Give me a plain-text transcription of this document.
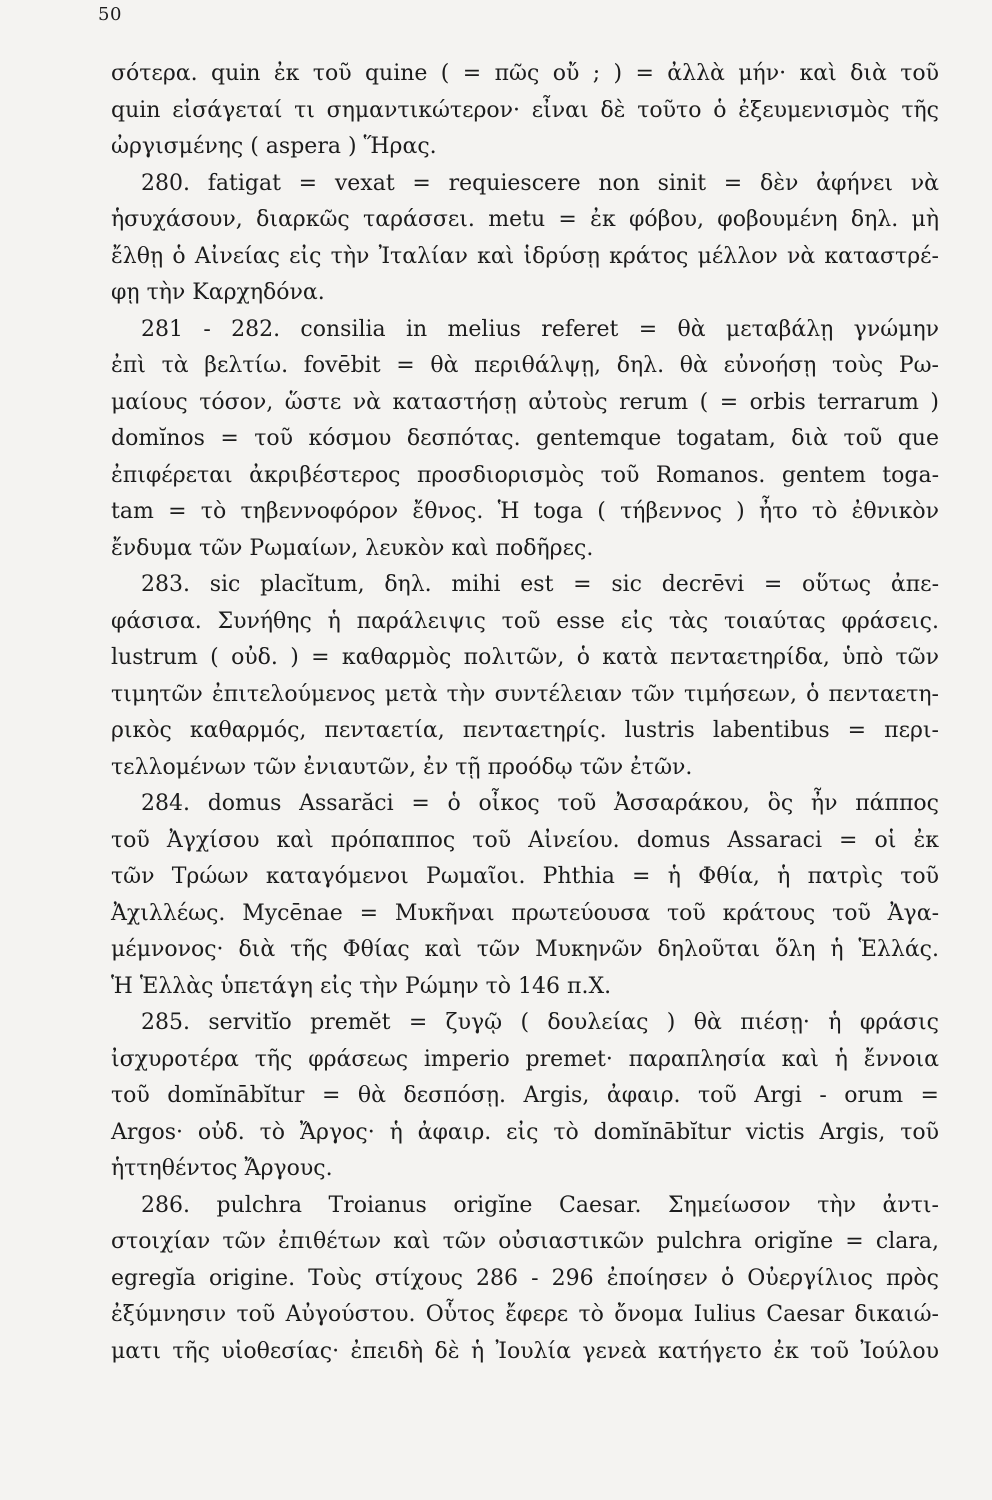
50
σότερα. quin ἐκ τοῦ quine ( = πῶς οὔ ; ) = ἀλλὰ μήν· καὶ διὰ τοῦ
quin εἰσάγεταί τι σημαντικώτερον· εἶναι δὲ τοῦτο ὁ ἐξευμενισμὸς τῆς
ὠργισμένης ( aspera ) Ἥρας.
280. fatigat = vexat = requiescere non sinit = δὲν ἀφήνει νὰ
ἡσυχάσουν, διαρκῶς ταράσσει. metu = ἐκ φόβου, φοβουμένη δηλ. μὴ
ἔλθῃ ὁ Αἰνείας εἰς τὴν Ἰταλίαν καὶ ἱδρύσῃ κράτος μέλλον νὰ καταστρέ-
φῃ τὴν Καρχηδόνα.
281 - 282. consilia in melius referet = θὰ μεταβάλῃ γνώμην
ἐπὶ τὰ βελτίω. fovēbit = θὰ περιθάλψῃ, δηλ. θὰ εὐνοήσῃ τοὺς Ρω-
μαίους τόσον, ὥστε νὰ καταστήσῃ αὐτοὺς rerum ( = orbis terrarum )
domĭnos = τοῦ κόσμου δεσπότας. gentemque togatam, διὰ τοῦ que
ἐπιφέρεται ἀκριβέστερος προσδιορισμὸς τοῦ Romanos. gentem toga-
tam = τὸ τηβεννοφόρον ἔθνος. Ἡ toga ( τήβεννος ) ἦτο τὸ ἐθνικὸν
ἔνδυμα τῶν Ρωμαίων, λευκὸν καὶ ποδῆρες.
283. sic placĭtum, δηλ. mihi est = sic decrēvi = οὕτως ἀπε-
φάσισα. Συνήθης ἡ παράλειψις τοῦ esse εἰς τὰς τοιαύτας φράσεις.
lustrum ( οὐδ. ) = καθαρμὸς πολιτῶν, ὁ κατὰ πενταετηρίδα, ὑπὸ τῶν
τιμητῶν ἐπιτελούμενος μετὰ τὴν συντέλειαν τῶν τιμήσεων, ὁ πενταετη-
ρικὸς καθαρμός, πενταετία, πενταετηρίς. lustris labentibus = περι-
τελλομένων τῶν ἐνιαυτῶν, ἐν τῇ προόδῳ τῶν ἐτῶν.
284. domus Assarăci = ὁ οἶκος τοῦ Ἀσσαράκου, ὃς ἦν πάππος
τοῦ Ἀγχίσου καὶ πρόπαππος τοῦ Αἰνείου. domus Assaraci = οἱ ἐκ
τῶν Τρώων καταγόμενοι Ρωμαῖοι. Phthia = ἡ Φθία, ἡ πατρὶς τοῦ
Ἀχιλλέως. Mycēnae = Μυκῆναι πρωτεύουσα τοῦ κράτους τοῦ Ἀγα-
μέμνονος· διὰ τῆς Φθίας καὶ τῶν Μυκηνῶν δηλοῦται ὅλη ἡ Ἑλλάς.
Ἡ Ἑλλὰς ὑπετάγη εἰς τὴν Ρώμην τὸ 146 π.Χ.
285. servitĭo premĕt = ζυγῷ ( δουλείας ) θὰ πιέσῃ· ἡ φράσις
ἰσχυροτέρα τῆς φράσεως imperio premet· παραπλησία καὶ ἡ ἔννοια
τοῦ domĭnābĭtur = θὰ δεσπόσῃ. Argis, ἀφαιρ. τοῦ Argi - orum =
Argos· οὐδ. τὸ Ἄργος· ἡ ἀφαιρ. εἰς τὸ domĭnābĭtur victis Argis, τοῦ
ἡττηθέντος Ἄργους.
286. pulchra Troianus origĭne Caesar. Σημείωσον τὴν ἀντι-
στοιχίαν τῶν ἐπιθέτων καὶ τῶν οὐσιαστικῶν pulchra origĭne = clara,
egregĭa origine. Τοὺς στίχους 286 - 296 ἐποίησεν ὁ Οὐεργίλιος πρὸς
ἐξύμνησιν τοῦ Αὐγούστου. Οὗτος ἔφερε τὸ ὄνομα Iulius Caesar δικαιώ-
ματι τῆς υἱοθεσίας· ἐπειδὴ δὲ ἡ Ἰουλία γενεὰ κατήγετο ἐκ τοῦ Ἰούλου
